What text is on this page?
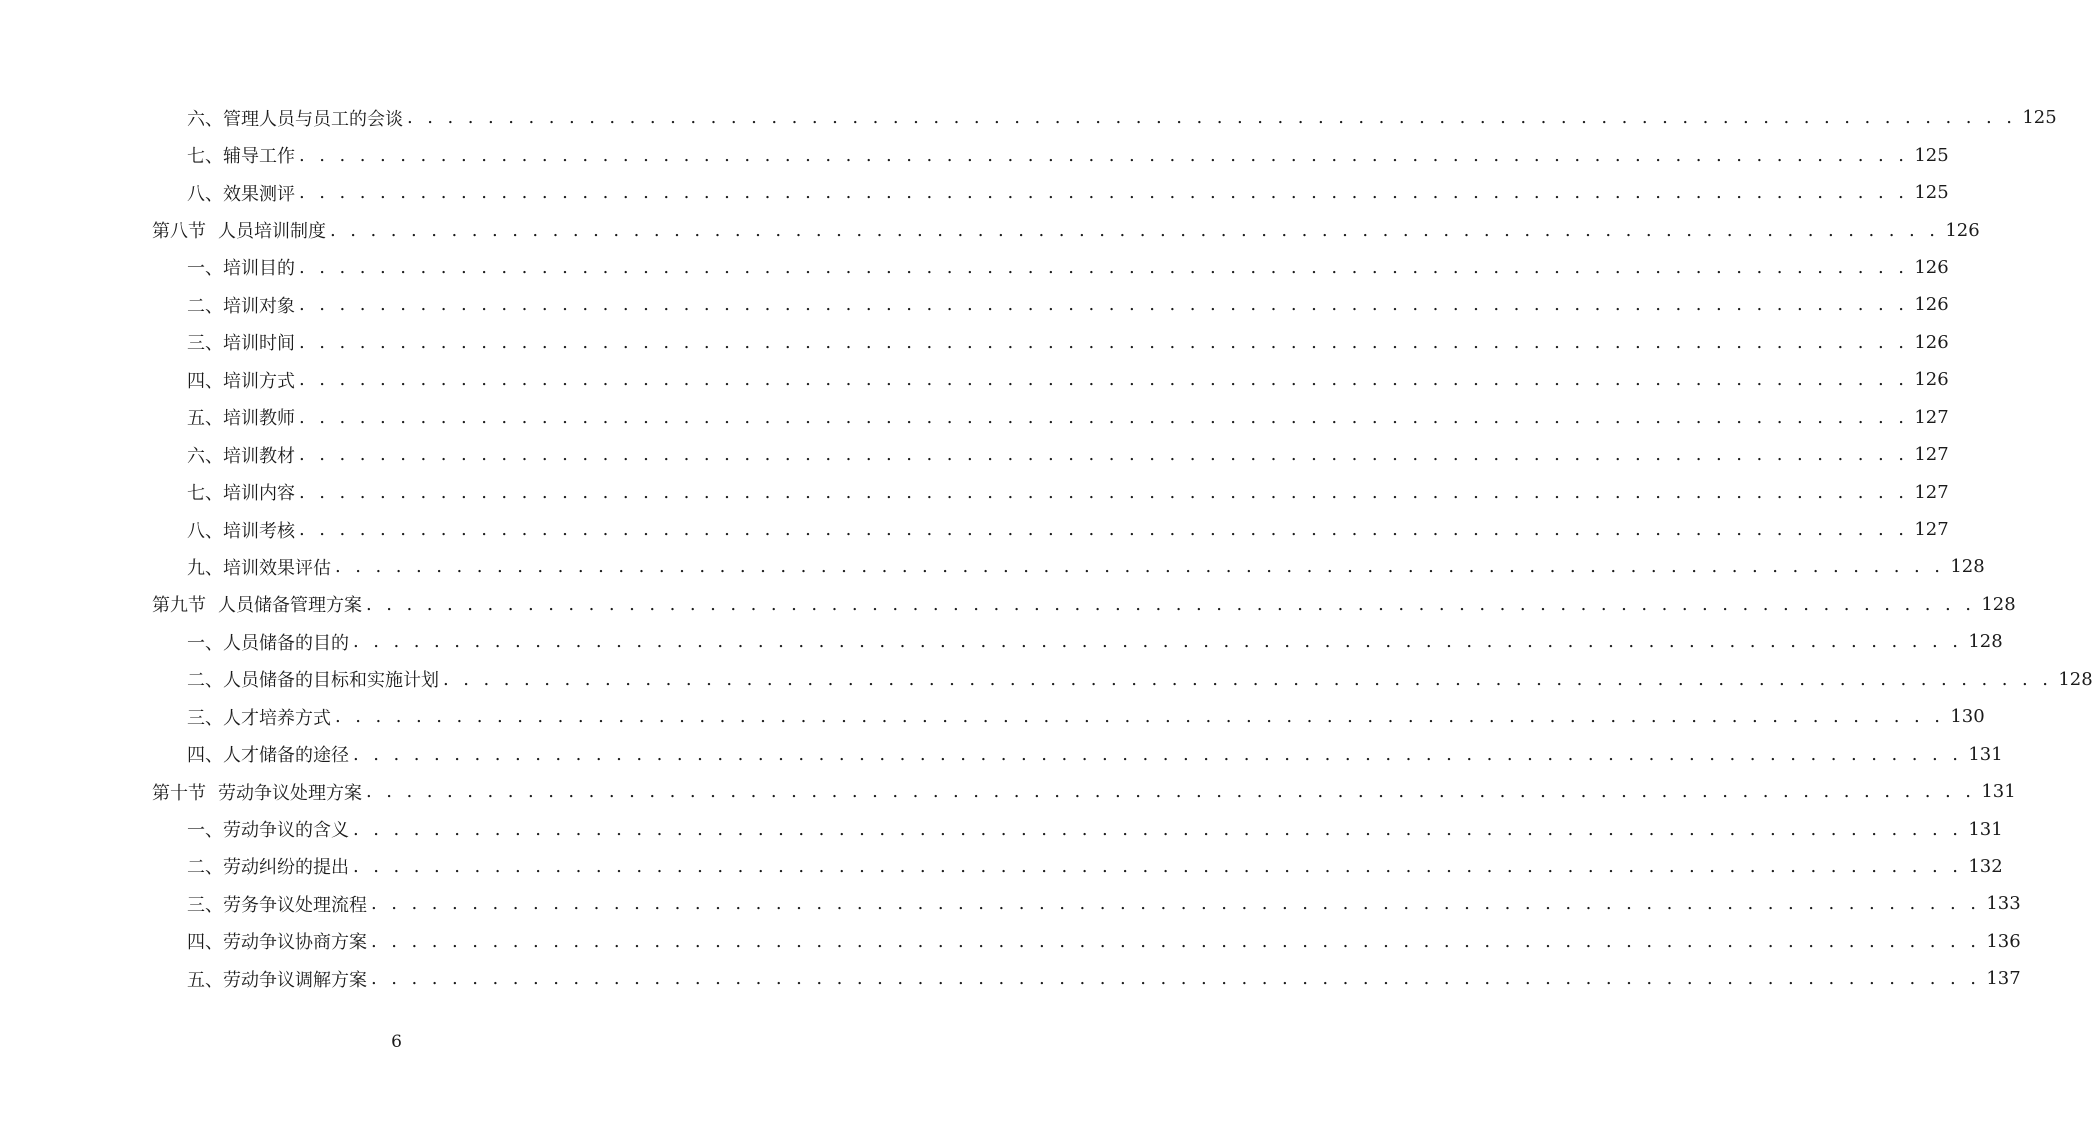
六、管理人员与员工的会谈 . . . . . . . . . . . . . . . . . . . . . . . . . . . . . . . . . . . . . . . . . . . . . . . . . . . . . . . . . . . . . . . . . . . . . . . . . . . . . . . . 125
七、辅导工作 . . . . . . . . . . . . . . . . . . . . . . . . . . . . . . . . . . . . . . . . . . . . . . . . . . . . . . . . . . . . . . . . . . . . . . . . . . . . . . . . 125
八、效果测评 . . . . . . . . . . . . . . . . . . . . . . . . . . . . . . . . . . . . . . . . . . . . . . . . . . . . . . . . . . . . . . . . . . . . . . . . . . . . . . . . 125
第八节 人员培训制度 . . . . . . . . . . . . . . . . . . . . . . . . . . . . . . . . . . . . . . . . . . . . . . . . . . . . . . . . . . . . . . . . . . . . . . . . . . . . . . . . 126
一、培训目的 . . . . . . . . . . . . . . . . . . . . . . . . . . . . . . . . . . . . . . . . . . . . . . . . . . . . . . . . . . . . . . . . . . . . . . . . . . . . . . . . 126
二、培训对象 . . . . . . . . . . . . . . . . . . . . . . . . . . . . . . . . . . . . . . . . . . . . . . . . . . . . . . . . . . . . . . . . . . . . . . . . . . . . . . . . 126
三、培训时间 . . . . . . . . . . . . . . . . . . . . . . . . . . . . . . . . . . . . . . . . . . . . . . . . . . . . . . . . . . . . . . . . . . . . . . . . . . . . . . . . 126
四、培训方式 . . . . . . . . . . . . . . . . . . . . . . . . . . . . . . . . . . . . . . . . . . . . . . . . . . . . . . . . . . . . . . . . . . . . . . . . . . . . . . . . 126
五、培训教师 . . . . . . . . . . . . . . . . . . . . . . . . . . . . . . . . . . . . . . . . . . . . . . . . . . . . . . . . . . . . . . . . . . . . . . . . . . . . . . . . 127
六、培训教材 . . . . . . . . . . . . . . . . . . . . . . . . . . . . . . . . . . . . . . . . . . . . . . . . . . . . . . . . . . . . . . . . . . . . . . . . . . . . . . . . 127
七、培训内容 . . . . . . . . . . . . . . . . . . . . . . . . . . . . . . . . . . . . . . . . . . . . . . . . . . . . . . . . . . . . . . . . . . . . . . . . . . . . . . . . 127
八、培训考核 . . . . . . . . . . . . . . . . . . . . . . . . . . . . . . . . . . . . . . . . . . . . . . . . . . . . . . . . . . . . . . . . . . . . . . . . . . . . . . . . 127
九、培训效果评估 . . . . . . . . . . . . . . . . . . . . . . . . . . . . . . . . . . . . . . . . . . . . . . . . . . . . . . . . . . . . . . . . . . . . . . . . . . . . . . . . 128
第九节 人员储备管理方案 . . . . . . . . . . . . . . . . . . . . . . . . . . . . . . . . . . . . . . . . . . . . . . . . . . . . . . . . . . . . . . . . . . . . . . . . . . . . . . . . 128
一、人员储备的目的 . . . . . . . . . . . . . . . . . . . . . . . . . . . . . . . . . . . . . . . . . . . . . . . . . . . . . . . . . . . . . . . . . . . . . . . . . . . . . . . . 128
二、人员储备的目标和实施计划 . . . . . . . . . . . . . . . . . . . . . . . . . . . . . . . . . . . . . . . . . . . . . . . . . . . . . . . . . . . . . . . . . . . . . . . . . . . . . . . . 128
三、人才培养方式 . . . . . . . . . . . . . . . . . . . . . . . . . . . . . . . . . . . . . . . . . . . . . . . . . . . . . . . . . . . . . . . . . . . . . . . . . . . . . . . . 130
四、人才储备的途径 . . . . . . . . . . . . . . . . . . . . . . . . . . . . . . . . . . . . . . . . . . . . . . . . . . . . . . . . . . . . . . . . . . . . . . . . . . . . . . . . 131
第十节 劳动争议处理方案 . . . . . . . . . . . . . . . . . . . . . . . . . . . . . . . . . . . . . . . . . . . . . . . . . . . . . . . . . . . . . . . . . . . . . . . . . . . . . . . . 131
一、劳动争议的含义 . . . . . . . . . . . . . . . . . . . . . . . . . . . . . . . . . . . . . . . . . . . . . . . . . . . . . . . . . . . . . . . . . . . . . . . . . . . . . . . . 131
二、劳动纠纷的提出 . . . . . . . . . . . . . . . . . . . . . . . . . . . . . . . . . . . . . . . . . . . . . . . . . . . . . . . . . . . . . . . . . . . . . . . . . . . . . . . . 132
三、劳务争议处理流程 . . . . . . . . . . . . . . . . . . . . . . . . . . . . . . . . . . . . . . . . . . . . . . . . . . . . . . . . . . . . . . . . . . . . . . . . . . . . . . . . 133
四、劳动争议协商方案 . . . . . . . . . . . . . . . . . . . . . . . . . . . . . . . . . . . . . . . . . . . . . . . . . . . . . . . . . . . . . . . . . . . . . . . . . . . . . . . . 136
五、劳动争议调解方案 . . . . . . . . . . . . . . . . . . . . . . . . . . . . . . . . . . . . . . . . . . . . . . . . . . . . . . . . . . . . . . . . . . . . . . . . . . . . . . . . 137
6
